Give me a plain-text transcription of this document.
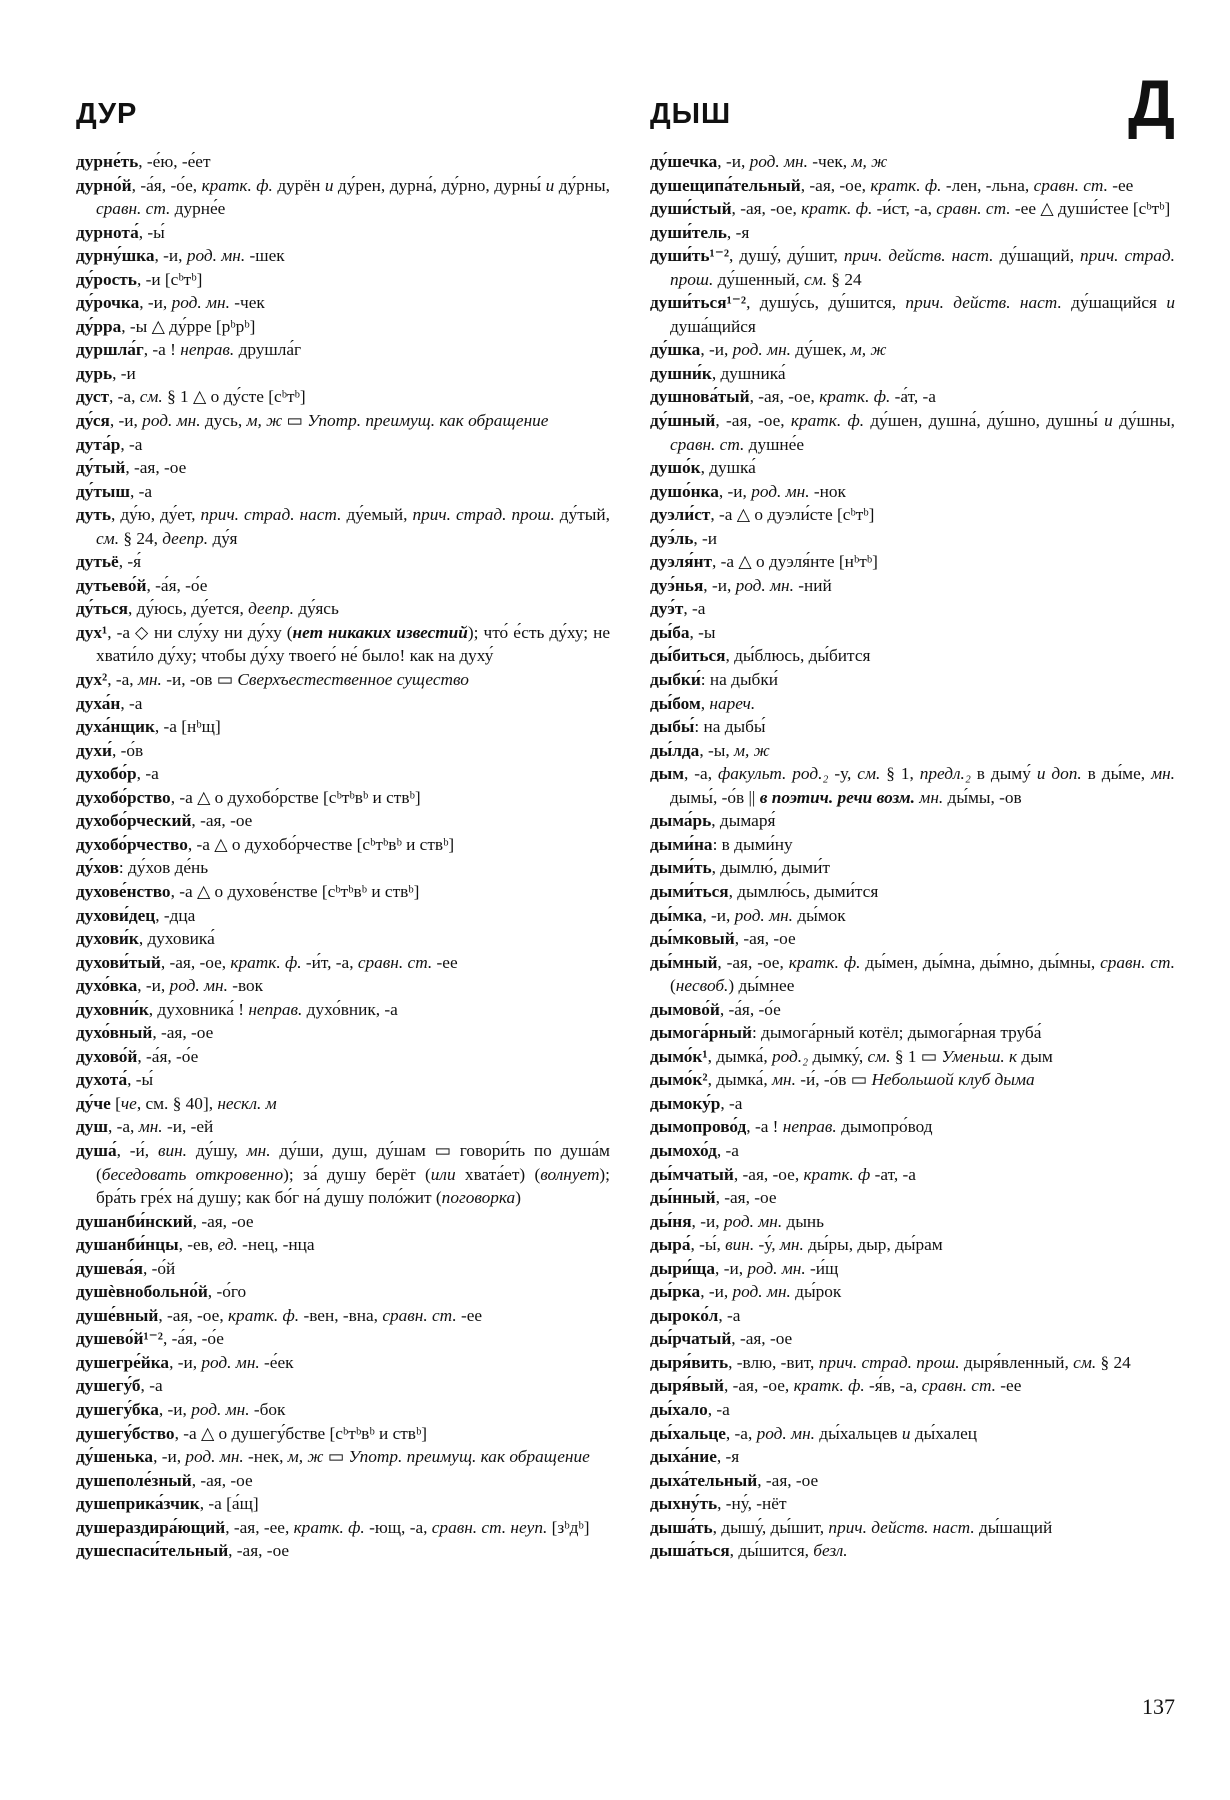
ДУР	ДЫШ	Д
дурне́ть, -е́ю, -е́ет
дурно́й, -а́я, -о́е, кратк. ф. дурён и ду́рен, дурна́, ду́рно, дурны́ и ду́рны, сравн. ст. дурне́е
дурнота́, -ы́
дурну́шка, -и, род. мн. -шек
ду́рость, -и [сᵇтᵇ]
ду́рочка, -и, род. мн. -чек
ду́рра, -ы △ ду́рре [рᵇрᵇ]
дуршла́г, -а ! неправ. друшла́г
дурь, -и
дуст, -а, см. § 1 △ о ду́сте [сᵇтᵇ]
ду́ся, -и, род. мн. дусь, м, ж ▭ Употр. преимущ. как обращение
дута́р, -а
ду́тый, -ая, -ое
ду́тыш, -а
дуть, ду́ю, ду́ет, прич. страд. наст. ду́емый, прич. страд. прош. ду́тый, см. § 24, деепр. ду́я
дутьё, -я́
дутьево́й, -а́я, -о́е
ду́ться, ду́юсь, ду́ется, деепр. ду́ясь
дух¹, -а ◇ ни слу́ху ни ду́ху (нет никаких известий); что́ е́сть ду́ху; не хвати́ло ду́ху; чтобы ду́ху твоего́ не́ было! как на духу́
дух², -а, мн. -и, -ов ▭ Сверхъестественное существо
духа́н, -а
духа́нщик, -а [нᵇщ]
духи́, -о́в
духобо́р, -а
духобо́рство, -а △ о духобо́рстве [сᵇтᵇвᵇ и ствᵇ]
духобо́рческий, -ая, -ое
духобо́рчество, -а △ о духобо́рчестве [сᵇтᵇвᵇ и ствᵇ]
ду́хов: ду́хов де́нь
духове́нство, -а △ о духове́нстве [сᵇтᵇвᵇ и ствᵇ]
духови́дец, -дца
духови́к, духовика́
духови́тый, -ая, -ое, кратк. ф. -и́т, -а, сравн. ст. -ее
духо́вка, -и, род. мн. -вок
духовни́к, духовника́ ! неправ. духо́вник, -а
духо́вный, -ая, -ое
духово́й, -а́я, -о́е
духота́, -ы́
ду́че [че, см. § 40], нескл. м
душ, -а, мн. -и, -ей
душа́, -и́, вин. ду́шу, мн. ду́ши, душ, ду́шам ▭ говори́ть по душа́м (беседовать откровенно); за́ душу берёт (или хвата́ет) (волнует); бра́ть гре́х на́ душу; как бо́г на́ душу поло́жит (поговорка)
душанби́нский, -ая, -ое
душанби́нцы, -ев, ед. -нец, -нца
душева́я, -о́й
душѐвнобольно́й, -о́го
душе́вный, -ая, -ое, кратк. ф. -вен, -вна, сравн. ст. -ее
душево́й¹⁻², -а́я, -о́е
душегре́йка, -и, род. мн. -е́ек
душегу́б, -а
душегу́бка, -и, род. мн. -бок
душегу́бство, -а △ о душегу́бстве [сᵇтᵇвᵇ и ствᵇ]
ду́шенька, -и, род. мн. -нек, м, ж ▭ Употр. преимущ. как обращение
душеполе́зный, -ая, -ое
душеприка́зчик, -а [а́щ]
душераздира́ющий, -ая, -ее, кратк. ф. -ющ, -а, сравн. ст. неуп. [зᵇдᵇ]
душеспаси́тельный, -ая, -ое
ду́шечка, -и, род. мн. -чек, м, ж
душещипа́тельный, -ая, -ое, кратк. ф. -лен, -льна, сравн. ст. -ее
души́стый, -ая, -ое, кратк. ф. -и́ст, -а, сравн. ст. -ее △ души́стее [сᵇтᵇ]
души́тель, -я
души́ть¹⁻², душу́, ду́шит, прич. действ. наст. ду́шащий, прич. страд. прош. ду́шенный, см. § 24
души́ться¹⁻², душу́сь, ду́шится, прич. действ. наст. ду́шащийся и душа́щийся
ду́шка, -и, род. мн. ду́шек, м, ж
душни́к, душника́
душнова́тый, -ая, -ое, кратк. ф. -а́т, -а
ду́шный, -ая, -ое, кратк. ф. ду́шен, душна́, ду́шно, душны́ и ду́шны, сравн. ст. душне́е
душо́к, душка́
душо́нка, -и, род. мн. -нок
дуэли́ст, -а △ о дуэли́сте [сᵇтᵇ]
дуэ́ль, -и
дуэля́нт, -а △ о дуэля́нте [нᵇтᵇ]
дуэ́нья, -и, род. мн. -ний
дуэ́т, -а
ды́ба, -ы
ды́биться, ды́блюсь, ды́бится
дыбки́: на дыбки́
ды́бом, нареч.
дыбы́: на дыбы́
ды́лда, -ы, м, ж
дым, -а, факульт. род.₂ -у, см. § 1, предл.₂ в дыму́ и доп. в ды́ме, мн. дымы́, -о́в || в поэтич. речи возм. мн. ды́мы, -ов
дыма́рь, дымаря́
дыми́на: в дыми́ну
дыми́ть, дымлю́, дыми́т
дыми́ться, дымлю́сь, дыми́тся
ды́мка, -и, род. мн. ды́мок
ды́мковый, -ая, -ое
ды́мный, -ая, -ое, кратк. ф. ды́мен, ды́мна, ды́мно, ды́мны, сравн. ст. (неcвоб.) ды́мнее
дымово́й, -а́я, -о́е
дымога́рный: дымога́рный котёл; дымога́рная труба́
дымо́к¹, дымка́, род.₂ дымку́, см. § 1 ▭ Уменьш. к дым
дымо́к², дымка́, мн. -и́, -о́в ▭ Небольшой клуб дыма
дымоку́р, -а
дымопрово́д, -а ! неправ. дымопро́вод
дымохо́д, -а
ды́мчатый, -ая, -ое, кратк. ф -ат, -а
ды́нный, -ая, -ое
ды́ня, -и, род. мн. дынь
дыра́, -ы́, вин. -у́, мн. ды́ры, дыр, ды́рам
дыри́ща, -и, род. мн. -и́щ
ды́рка, -и, род. мн. ды́рок
дыроко́л, -а
ды́рчатый, -ая, -ое
дыря́вить, -влю, -вит, прич. страд. прош. дыря́вленный, см. § 24
дыря́вый, -ая, -ое, кратк. ф. -я́в, -а, сравн. ст. -ее
ды́хало, -а
ды́хальце, -а, род. мн. ды́хальцев и ды́халец
дыха́ние, -я
дыха́тельный, -ая, -ое
дыхну́ть, -ну́, -нёт
дыша́ть, дышу́, ды́шит, прич. действ. наст. ды́шащий
дыша́ться, ды́шится, безл.
137
